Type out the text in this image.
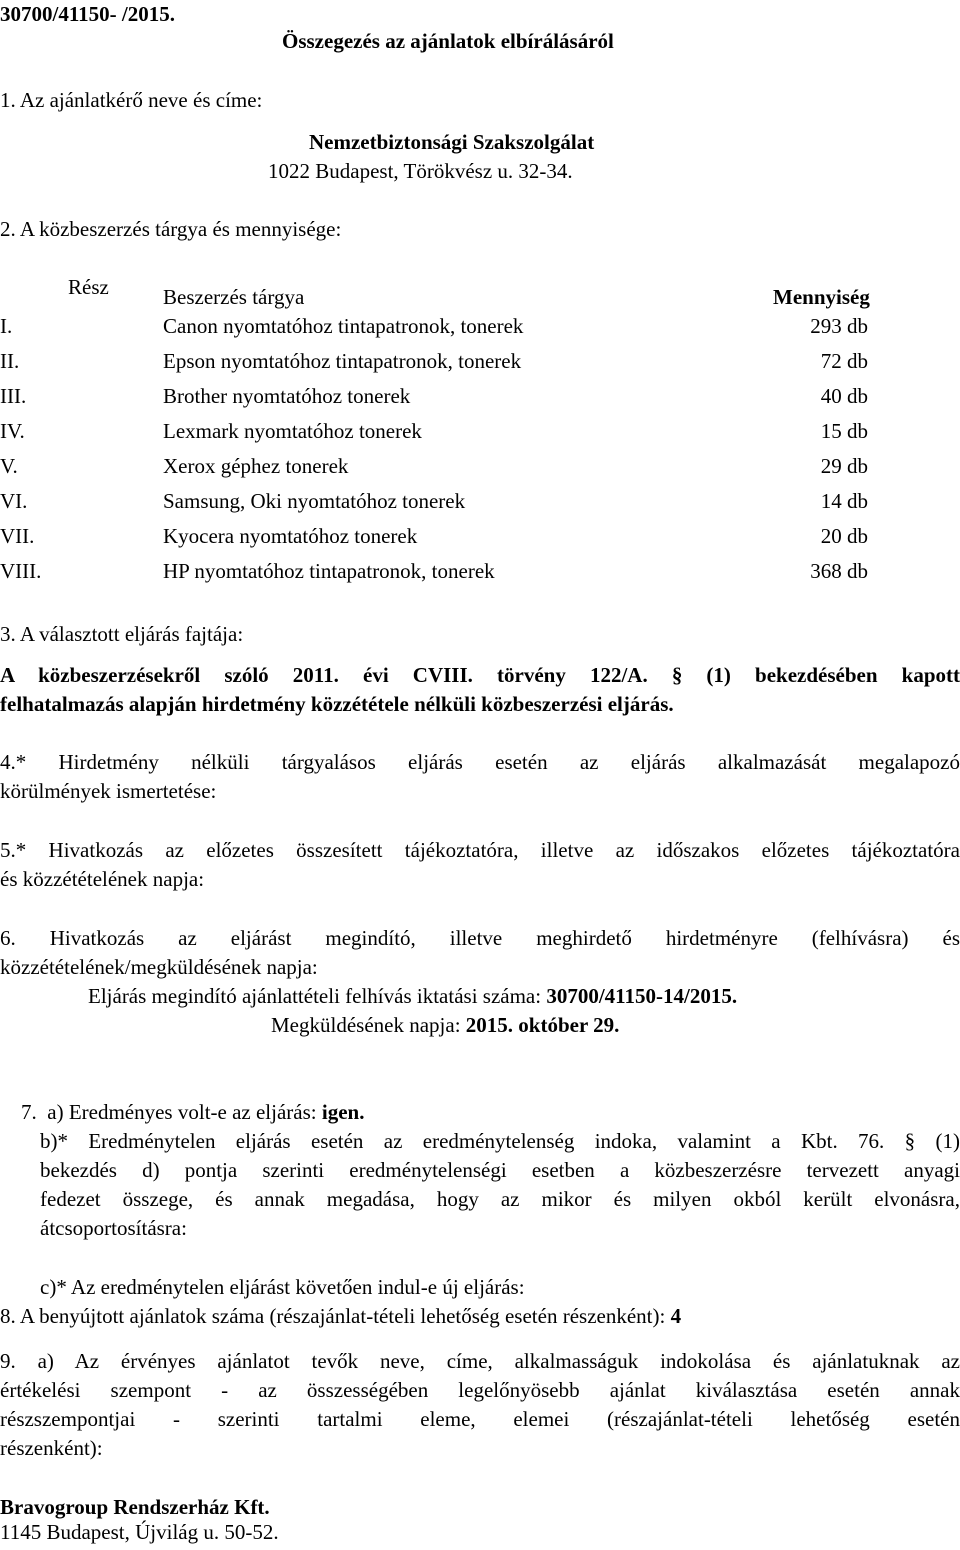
30700/41150- /2015.
Összegezés az ajánlatok elbírálásáról
1. Az ajánlatkérő neve és címe:
Nemzetbiztonsági Szakszolgálat
1022 Budapest, Törökvész u. 32-34.
2. A közbeszerzés tárgya és mennyisége:
Rész	Beszerzés tárgya	Mennyiség
I.	Canon nyomtatóhoz tintapatronok, tonerek	293 db
II.	Epson nyomtatóhoz tintapatronok, tonerek	72 db
III.	Brother nyomtatóhoz tonerek	40 db
IV.	Lexmark nyomtatóhoz tonerek	15 db
V.	Xerox géphez tonerek	29 db
VI.	Samsung, Oki nyomtatóhoz tonerek	14 db
VII.	Kyocera nyomtatóhoz tonerek	20 db
VIII.	HP nyomtatóhoz tintapatronok, tonerek	368 db
3. A választott eljárás fajtája:
A közbeszerzésekről szóló 2011. évi CVIII. törvény 122/A. § (1) bekezdésében kapott
felhatalmazás alapján hirdetmény közzététele nélküli közbeszerzési eljárás.
4.* Hirdetmény nélküli tárgyalásos eljárás esetén az eljárás alkalmazását megalapozó
körülmények ismertetése:
5.* Hivatkozás az előzetes összesített tájékoztatóra, illetve az időszakos előzetes tájékoztatóra
és közzétételének napja:
6. Hivatkozás az eljárást megindító, illetve meghirdető hirdetményre (felhívásra) és
közzétételének/megküldésének napja:
Eljárás megindító ajánlattételi felhívás iktatási száma: 30700/41150-14/2015.
Megküldésének napja: 2015. október 29.

7.  a) Eredményes volt-e az eljárás: igen.

b)* Eredménytelen eljárás esetén az eredménytelenség indoka, valamint a Kbt. 76. § (1)
bekezdés d) pontja szerinti eredménytelenségi esetben a közbeszerzésre tervezett anyagi
fedezet összege, és annak megadása, hogy az mikor és milyen okból került elvonásra,
átcsoportosításra:
c)* Az eredménytelen eljárást követően indul-e új eljárás:
8. A benyújtott ajánlatok száma (részajánlat-tételi lehetőség esetén részenként): 4
9. a) Az érvényes ajánlatot tevők neve, címe, alkalmasságuk indokolása és ajánlatuknak az
értékelési szempont - az összességében legelőnyösebb ajánlat kiválasztása esetén annak
részszempontjai - szerinti tartalmi eleme, elemei (részajánlat-tételi lehetőség esetén
részenként):
Bravogroup Rendszerház Kft.
1145 Budapest, Újvilág u. 50-52.
